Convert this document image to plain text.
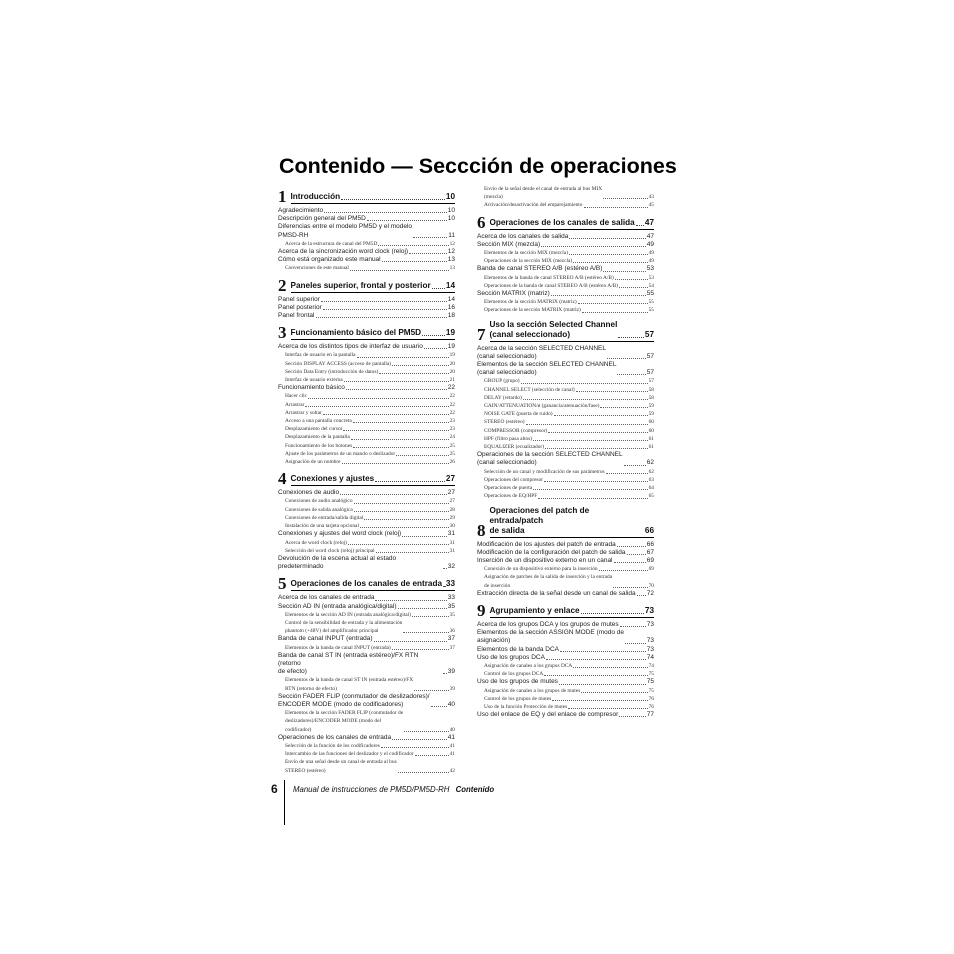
Contenido — Seccción de operaciones
1 Introducción	10
Agradecimiento	10
Descripción general del PM5D	10
Diferencias entre el modelo PM5D y el modelo
PMSD-RH	11
Acerca de la estructura de canal del PM5D	12
Acerca de la sincronización word clock (reloj)	12
Cómo está organizado este manual	13
Convenciones de este manual	13
2 Paneles superior, frontal y posterior 14
Panel superior	14
Panel posterior	16
Panel frontal	18
3 Funcionamiento básico del PM5D	19
Acerca de los distintos tipos de interfaz de usuario	19
Interfaz de usuario en la pantalla	19
Sección DISPLAY ACCESS (acceso de pantalla)	20
Sección Data Entry (introducción de datos)	20
Interfaz de usuario externa	21
Funcionamiento básico	22
Hacer clic	22
Arrastrar	22
Arrastrar y soltar	22
Acceso a una pantalla concreta	23
Desplazamiento del cursor	23
Desplazamiento de la pantalla	24
Funcionamiento de los botones	25
Ajuste de los parámetros de un mando o deslizador	25
Asignación de un nombre	26
4 Conexiones y ajustes	27
Conexiones de audio	27
Conexiones de audio analógico	27
Conexiones de salida analógica	28
Conexiones de entrada/salida digital	29
Instalación de una tarjeta opcional	30
Conexiones y ajustes del word clock (reloj)	31
Acerca de word clock (reloj)	31
Selección del word clock (reloj) principal	31
Devolución de la escena actual al estado predeterminado	32
5 Operaciones de los canales de entrada 33
Acerca de los canales de entrada	33
Sección AD IN (entrada analógica/digital)	35
Elementos de la sección AD IN (entrada analógica/digital)	35
Control de la sensibilidad de entrada y la alimentación
phantom (+48V) del amplificador principal	36
Banda de canal INPUT (entrada)	37
Elementos de la banda de canal INPUT (entrada)	37
Banda de canal ST IN (entrada estéreo)/FX RTN (retorno
de efecto)	39
Elementos de la banda de canal ST IN (entrada estéreo)/FX
RTN (retorno de efecto)	39
Sección FADER FLIP (conmutador de deslizadores)/
ENCODER MODE (modo de codificadores)	40
Elementos de la sección FADER FLIP (conmutador de
deslizadores)/ENCODER MODE (modo del
codificador)	40
Operaciones de los canales de entrada	41
Selección de la función de los codificadores	41
Intercambio de las funciones del deslizador y el codificador	41
Envío de una señal desde un canal de entrada al bus
STEREO (estéreo)	42
Envío de la señal desde el canal de entrada al bus MIX
(mezcla)	43
Activación/desactivación del emparejamiento	45
6 Operaciones de los canales de salida 47
Acerca de los canales de salida	47
Sección MIX (mezcla)	49
Elementos de la sección MIX (mezcla)	49
Operaciones de la sección MIX (mezcla)	49
Banda de canal STEREO A/B (estéreo A/B)	53
Elementos de la banda de canal STEREO A/B (estéreo A/B)	53
Operaciones de la banda de canal STEREO A/B (estéreo A/B)	54
Sección MATRIX (matriz)	55
Elementos de la sección MATRIX (matriz)	55
Operaciones de la sección MATRIX (matriz)	55
7
Uso la sección Selected Channel
(canal seleccionado)	57
Acerca de la sección SELECTED CHANNEL
(canal seleccionado)	57
Elementos de la sección SELECTED CHANNEL
(canal seleccionado)	57
GROUP (grupo)	57
CHANNEL SELECT (selección de canal)	58
DELAY (retardo)	58
GAIN/ATTENUATION/ø (ganancia/atenuación/fase)	59
NOISE GATE (puerta de ruido)	59
STEREO (estéreo)	60
COMPRESSOR (compresor)	60
HPF (filtro pasa altos)	61
EQUALIZER (ecualizador)	61
Operaciones de la sección SELECTED CHANNEL
(canal seleccionado)	62
Selección de un canal y modificación de sus parámetros	62
Operaciones del compresor	63
Operaciones de puerta	64
Operaciones de EQ/HPF	65
8
Operaciones del patch de entrada/patch
de salida	66
Modificación de los ajustes del patch de entrada	66
Modificación de la configuración del patch de salida	67
Inserción de un dispositivo externo en un canal	69
Conexión de un dispositivo externo para la inserción	69
Asignación de patches de la salida de inserción y la entrada
de inserción	70
Extracción directa de la señal desde un canal de salida 72
9 Agrupamiento y enlace	73
Acerca de los grupos DCA y los grupos de mutes	73
Elementos de la sección ASSIGN MODE (modo de
asignación)	73
Elementos de la banda DCA	73
Uso de los grupos DCA	74
Asignación de canales a los grupos DCA	74
Control de los grupos DCA	75
Uso de los grupos de mutes	75
Asignación de canales a los grupos de mutes	75
Control de los grupos de mutes	76
Uso de la función Protección de mutes	76
Uso del enlace de EQ y del enlace de compresor	77
6 Manual de instrucciones de PM5D/PM5D-RH Contenido
